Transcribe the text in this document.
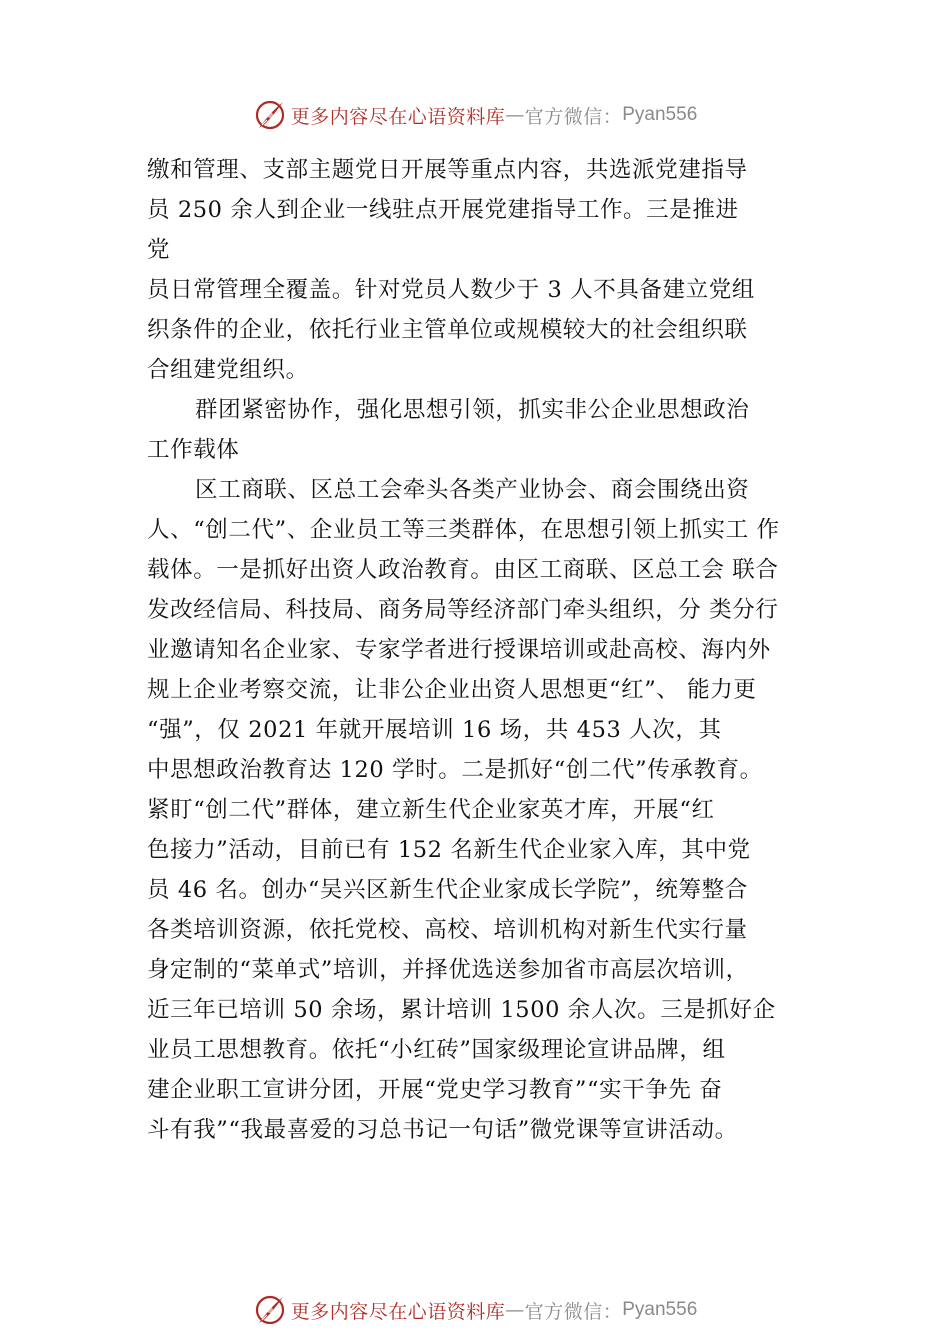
更多内容尽在心语资料库 — 官方微信： Pyan556
缴和管理、支部主题党日开展等重点内容，共选派党建指导
员 250 余人到企业一线驻点开展党建指导工作。三是推进
党
员日常管理全覆盖。针对党员人数少于 3 人不具备建立党组
织条件的企业，依托行业主管单位或规模较大的社会组织联
合组建党组织。
群团紧密协作，强化思想引领，抓实非公企业思想政治
工作载体
区工商联、区总工会牵头各类产业协会、商会围绕出资
人、“创二代”、企业员工等三类群体，在思想引领上抓实工 作
载体。一是抓好出资人政治教育。由区工商联、区总工会 联合
发改经信局、科技局、商务局等经济部门牵头组织，分 类分行
业邀请知名企业家、专家学者进行授课培训或赴高校、海内外
规上企业考察交流，让非公企业出资人思想更“红”、 能力更
“强”，仅 2021 年就开展培训 16 场，共 453 人次，其
中思想政治教育达 120 学时。二是抓好“创二代”传承教育。
紧盯“创二代”群体，建立新生代企业家英才库，开展“红
色接力”活动，目前已有 152 名新生代企业家入库，其中党
员 46 名。创办“吴兴区新生代企业家成长学院”，统筹整合
各类培训资源，依托党校、高校、培训机构对新生代实行量
身定制的“菜单式”培训，并择优选送参加省市高层次培训，
近三年已培训 50 余场，累计培训 1500 余人次。三是抓好企
业员工思想教育。依托“小红砖”国家级理论宣讲品牌，组
建企业职工宣讲分团，开展“党史学习教育”“实干争先 奋
斗有我”“我最喜爱的习总书记一句话”微党课等宣讲活动。
更多内容尽在心语资料库 — 官方微信： Pyan556
